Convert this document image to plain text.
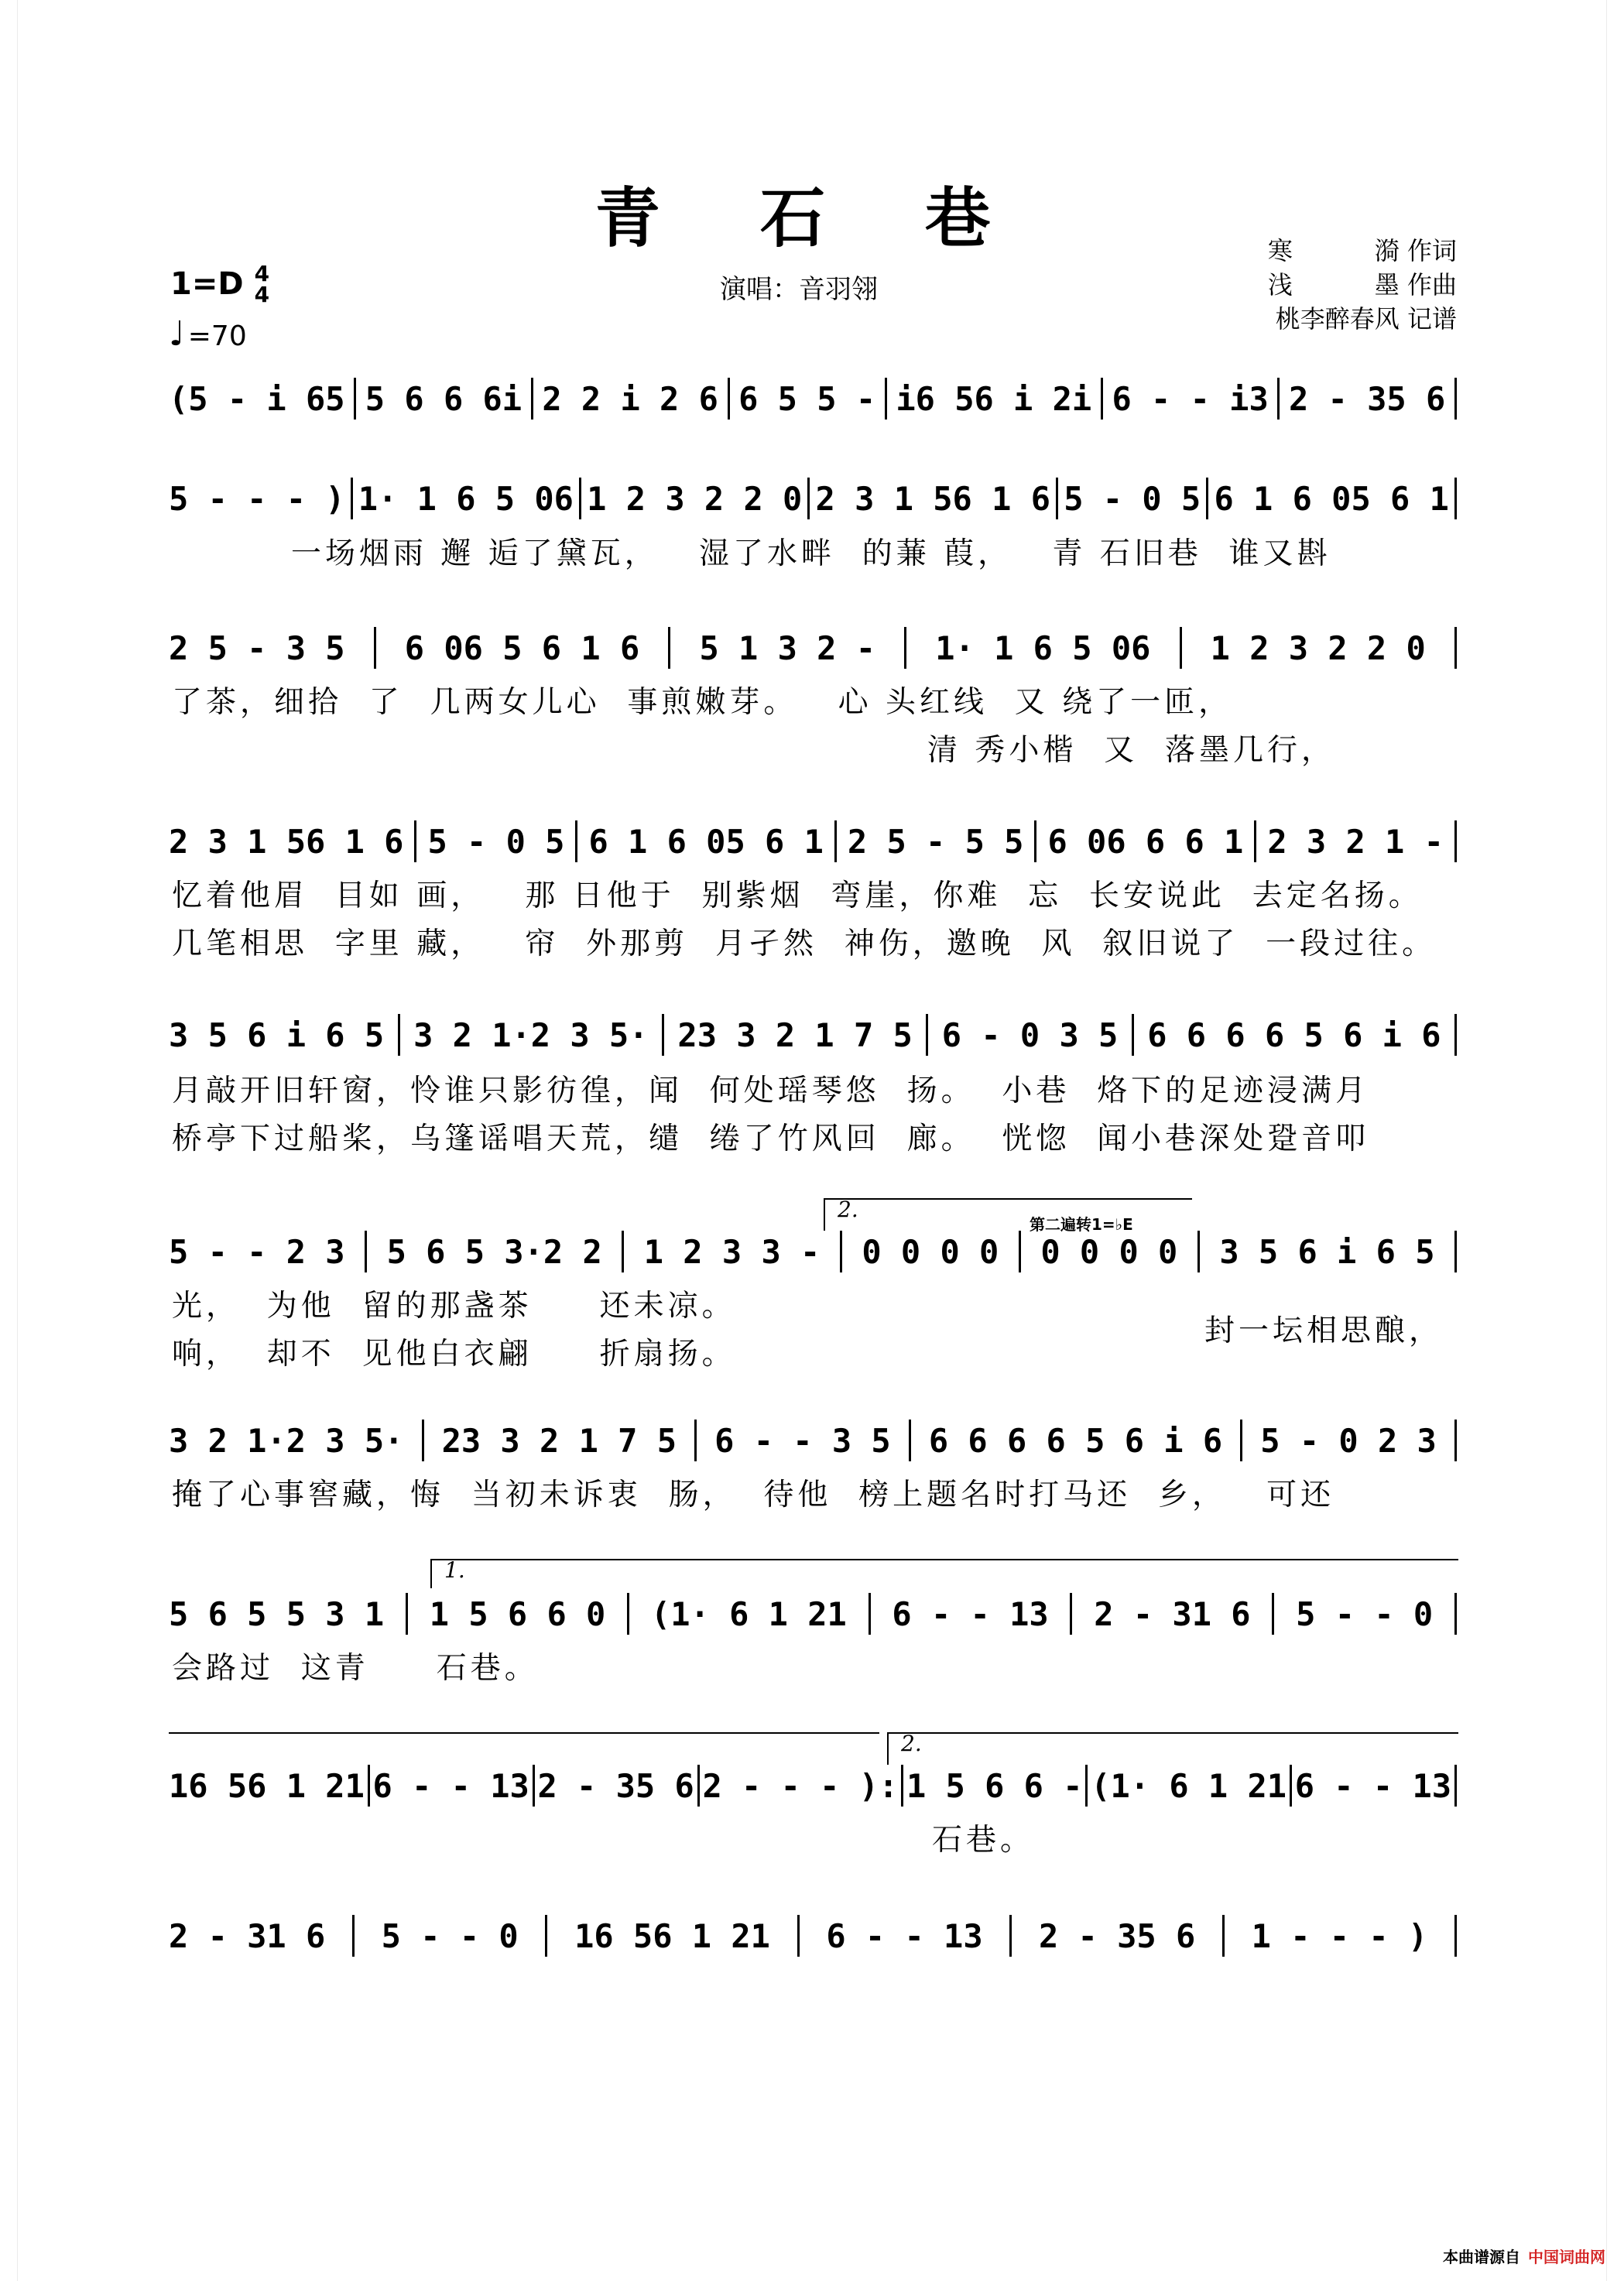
青 石 巷
演唱：音羽翎
寒 漪 作词
浅 墨 作曲
桃李醉春风 记谱
1=D 4
4
♩ =70
(5 - i 65 5 6 6 6i 2 2 i 2 6 6 5 5 - i6 56 i 2i 6 - - i3 2 - 35 6
5 - - - ) 1· 1 6 5 06 1 2 3 2 2 0 2 3 1 56 1 6 5 - 0 5 6 1 6 05 6 1
一场烟雨 邂 逅了黛瓦，   湿了水畔  的蒹 葭，   青 石旧巷  谁又斟
2 5 - 3 5 6 06 5 6 1 6 5 1 3 2 - 1· 1 6 5 06 1 2 3 2 2 0
了茶，细拾  了  几两女儿心  事煎嫩芽。   心 头红线  又 绕了一匝，
清 秀小楷  又  落墨几行，
2 3 1 56 1 6 5 - 0 5 6 1 6 05 6 1 2 5 - 5 5 6 06 6 6 1 2 3 2 1 -
忆着他眉  目如 画，   那 日他于  别紫烟  弯崖，你难  忘  长安说此  去定名扬。
几笔相思  字里 藏，   帘  外那剪  月孑然  神伤，邀晚  风  叙旧说了  一段过往。
3 5 6 i 6 5 3 2 1·2 3 5· 23 3 2 1 7 5 6 - 0 3 5 6 6 6 6 5 6 i 6
月敲开旧轩窗，怜谁只影彷徨，闻  何处瑶琴悠  扬。  小巷  烙下的足迹浸满月
桥亭下过船桨，乌篷谣唱天荒，缱  绻了竹风回  廊。  恍惚  闻小巷深处跫音叩
2.
第二遍转1=♭E
5 - - 2 3 5 6 5 3·2 2 1 2 3 3 - 0 0 0 0 0 0 0 0 3 5 6 i 6 5
光，  为他  留的那盏茶     还未凉。
响，  却不  见他白衣翩     折扇扬。
封一坛相思酿，
3 2 1·2 3 5· 23 3 2 1 7 5 6 - - 3 5 6 6 6 6 5 6 i 6 5 - 0 2 3
掩了心事窖藏，悔  当初未诉衷  肠，  待他  榜上题名时打马还  乡，   可还
1.
5 6 5 5 3 1 1 5 6 6 0 (1· 6 1 21 6 - - 13 2 - 31 6 5 - - 0
会路过  这青     石巷。
2.
16 56 1 21 6 - - 13 2 - 35 6 2 - - - ): 1 5 6 6 - (1· 6 1 21 6 - - 13
石巷。
2 - 31 6 5 - - 0 16 56 1 21 6 - - 13 2 - 35 6 1 - - - )
本曲谱源自 中国词曲网
